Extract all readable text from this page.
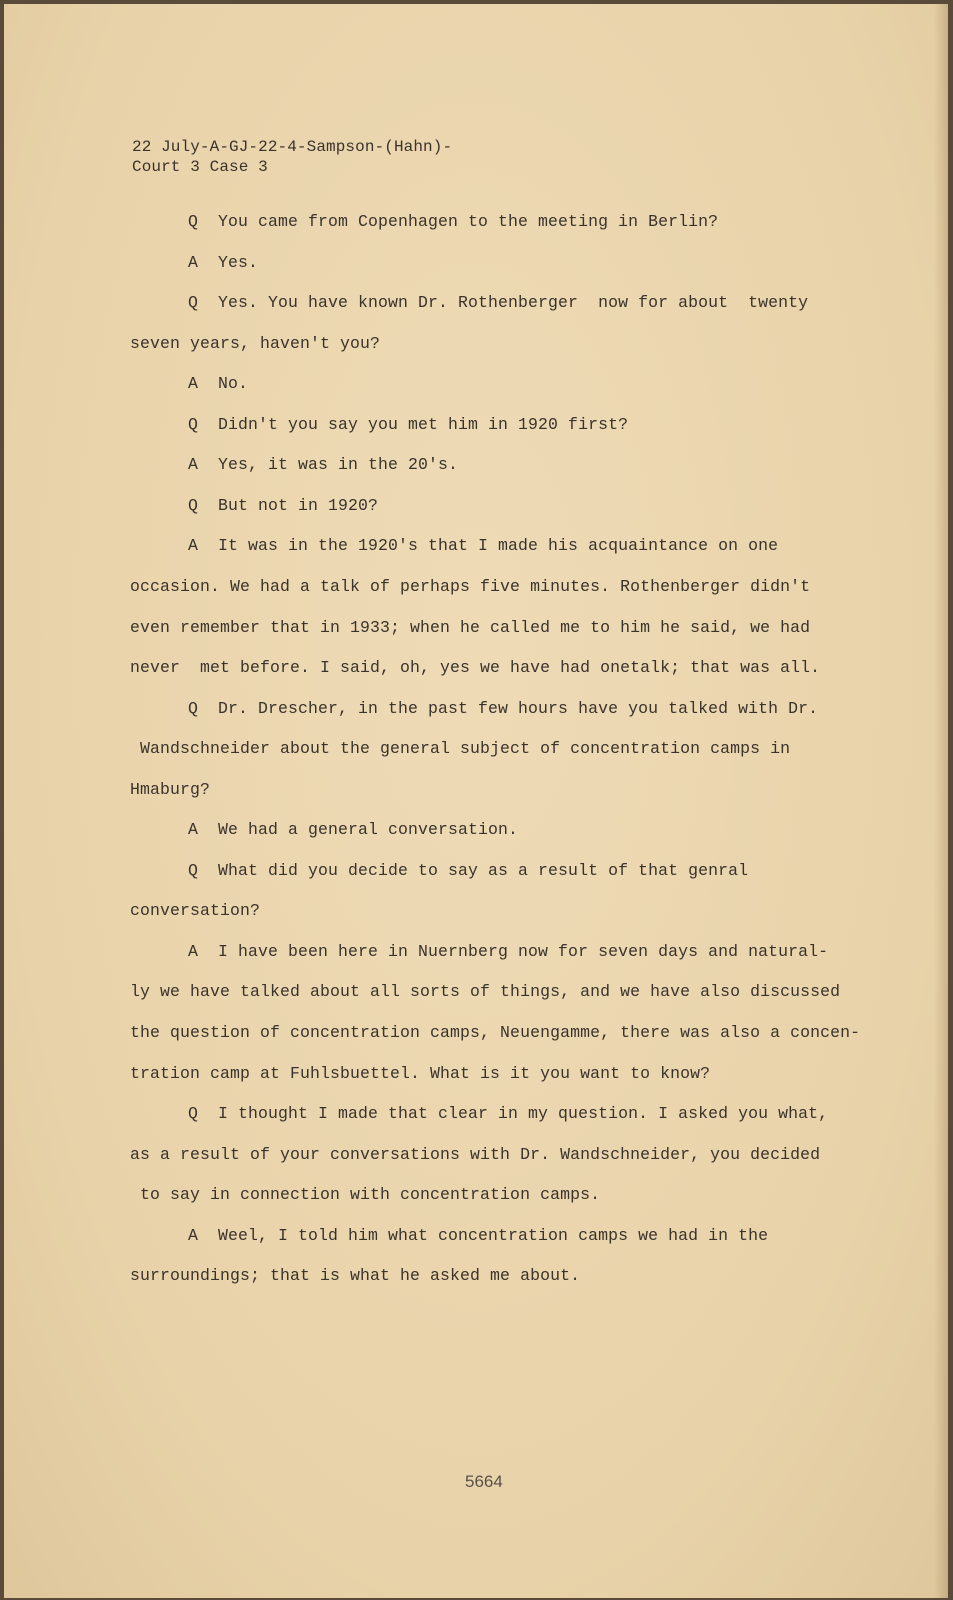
22 July-A-GJ-22-4-Sampson-(Hahn)-
Court 3 Case 3
Q  You came from Copenhagen to the meeting in Berlin?
A  Yes.
Q  Yes. You have known Dr. Rothenberger  now for about  twenty
seven years, haven't you?
A  No.
Q  Didn't you say you met him in 1920 first?
A  Yes, it was in the 20's.
Q  But not in 1920?
A  It was in the 1920's that I made his acquaintance on one
occasion. We had a talk of perhaps five minutes. Rothenberger didn't
even remember that in 1933; when he called me to him he said, we had
never  met before. I said, oh, yes we have had onetalk; that was all.
Q  Dr. Drescher, in the past few hours have you talked with Dr.
Wandschneider about the general subject of concentration camps in
Hmaburg?
A  We had a general conversation.
Q  What did you decide to say as a result of that genral
conversation?
A  I have been here in Nuernberg now for seven days and natural-
ly we have talked about all sorts of things, and we have also discussed
the question of concentration camps, Neuengamme, there was also a concen-
tration camp at Fuhlsbuettel. What is it you want to know?
Q  I thought I made that clear in my question. I asked you what,
as a result of your conversations with Dr. Wandschneider, you decided
to say in connection with concentration camps.
A  Weel, I told him what concentration camps we had in the
surroundings; that is what he asked me about.
5664
